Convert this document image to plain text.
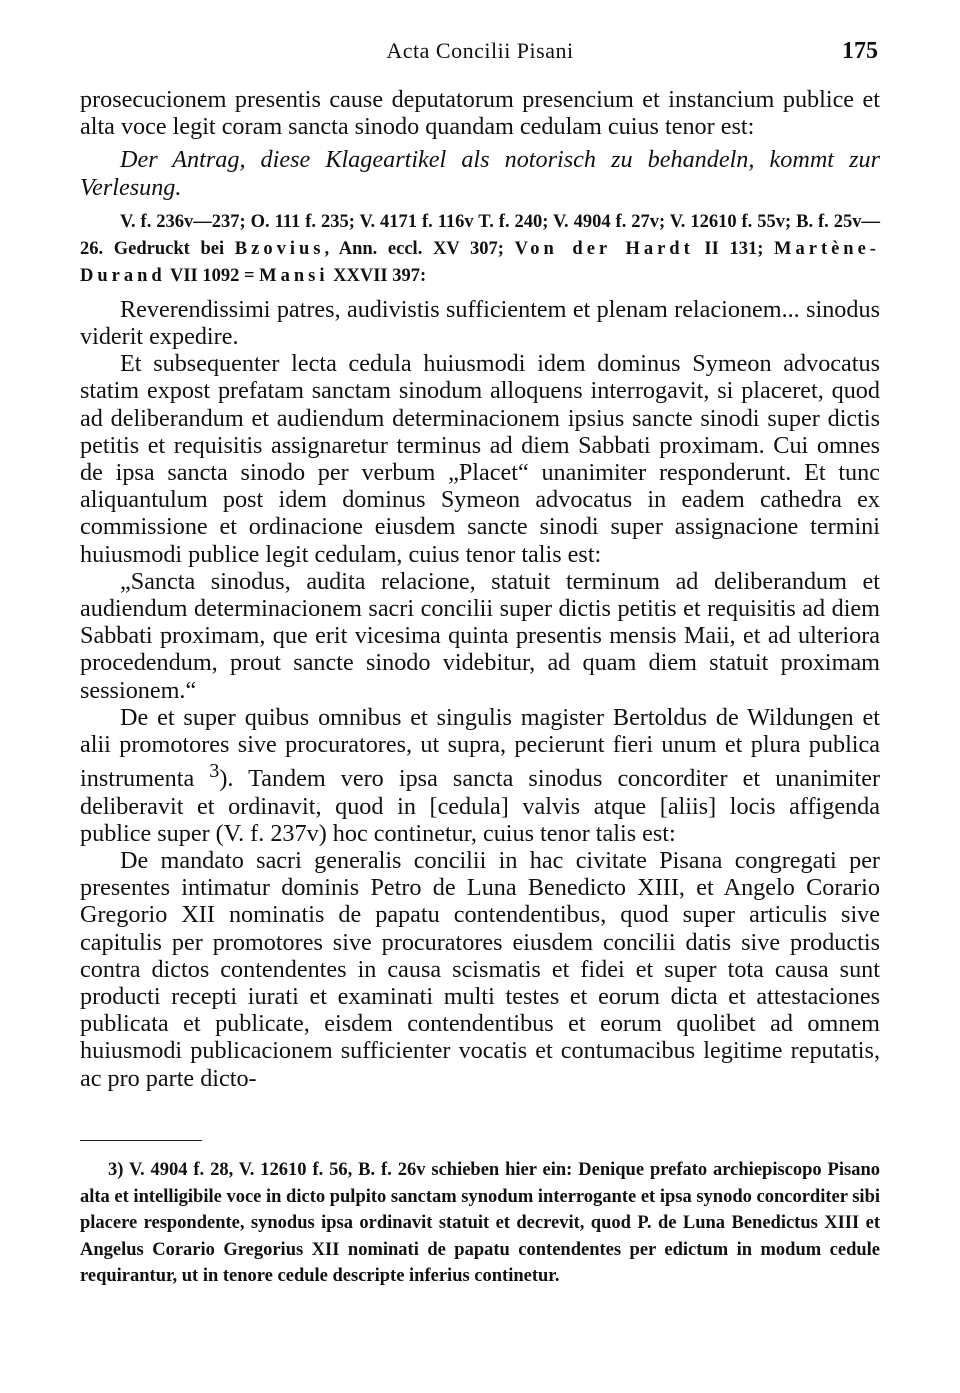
Acta Concilii Pisani	175

prosecucionem presentis cause deputatorum presencium et instancium publice et alta voce legit coram sancta sinodo quandam cedulam cuius tenor est:

Der Antrag, diese Klageartikel als notorisch zu behandeln, kommt zur Verlesung.

V. f. 236v—237; O. 111 f. 235; V. 4171 f. 116v T. f. 240; V. 4904 f. 27v; V. 12610 f. 55v; B. f. 25v—26. Gedruckt bei Bzovius, Ann. eccl. XV 307; Von der Hardt II 131; Martène-Durand VII 1092 = Mansi XXVII 397:

Reverendissimi patres, audivistis sufficientem et plenam relacionem... sinodus viderit expedire.

Et subsequenter lecta cedula huiusmodi idem dominus Symeon advocatus statim expost prefatam sanctam sinodum alloquens interrogavit, si placeret, quod ad deliberandum et audiendum determinacionem ipsius sancte sinodi super dictis petitis et requisitis assignaretur terminus ad diem Sabbati proximam. Cui omnes de ipsa sancta sinodo per verbum „Placet“ unanimiter responderunt. Et tunc aliquantulum post idem dominus Symeon advocatus in eadem cathedra ex commissione et ordinacione eiusdem sancte sinodi super assignacione termini huiusmodi publice legit cedulam, cuius tenor talis est:

„Sancta sinodus, audita relacione, statuit terminum ad deliberandum et audiendum determinacionem sacri concilii super dictis petitis et requisitis ad diem Sabbati proximam, que erit vicesima quinta presentis mensis Maii, et ad ulteriora procedendum, prout sancte sinodo videbitur, ad quam diem statuit proximam sessionem.“

De et super quibus omnibus et singulis magister Bertoldus de Wildungen et alii promotores sive procuratores, ut supra, pecierunt fieri unum et plura publica instrumenta $^3$). Tandem vero ipsa sancta sinodus concorditer et unanimiter deliberavit et ordinavit, quod in [cedula] valvis atque [aliis] locis affigenda publice super (V. f. 237v) hoc continetur, cuius tenor talis est:

De mandato sacri generalis concilii in hac civitate Pisana congregati per presentes intimatur dominis Petro de Luna Benedicto XIII, et Angelo Corario Gregorio XII nominatis de papatu contendentibus, quod super articulis sive capitulis per promotores sive procuratores eiusdem concilii datis sive productis contra dictos contendentes in causa scismatis et fidei et super tota causa sunt producti recepti iurati et examinati multi testes et eorum dicta et attestaciones publicata et publicate, eisdem contendentibus et eorum quolibet ad omnem huiusmodi publicacionem sufficienter vocatis et contumacibus legitime reputatis, ac pro parte dicto-

3) V. 4904 f. 28, V. 12610 f. 56, B. f. 26v schieben hier ein: Denique prefato archiepiscopo Pisano alta et intelligibile voce in dicto pulpito sanctam synodum interrogante et ipsa synodo concorditer sibi placere respondente, synodus ipsa ordinavit statuit et decrevit, quod P. de Luna Benedictus XIII et Angelus Corario Gregorius XII nominati de papatu contendentes per edictum in modum cedule requirantur, ut in tenore cedule descripte inferius continetur.
